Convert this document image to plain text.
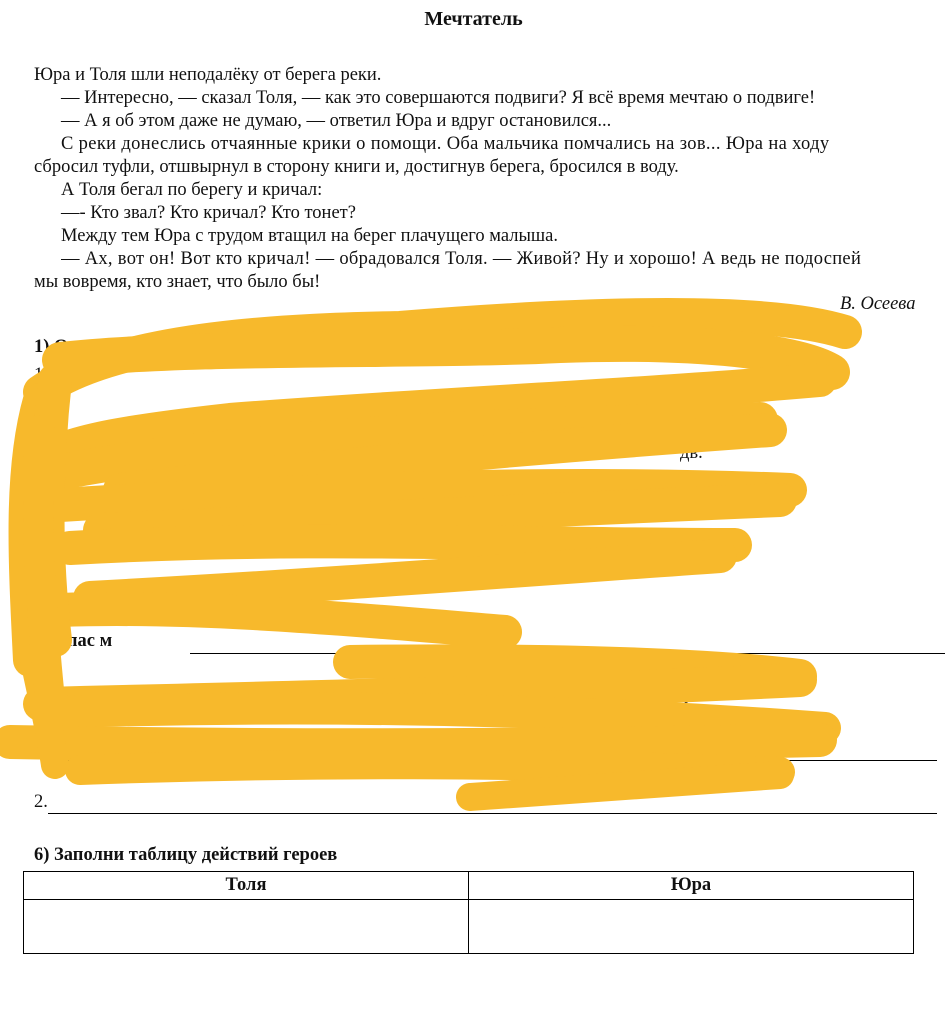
Мечтатель
Юра и Толя шли неподалёку от берега реки.
— Интересно, — сказал Толя, — как это совершаются подвиги? Я всё время мечтаю о подвиге!
— А я об этом даже не думаю, — ответил Юра и вдруг остановился...
С реки донеслись отчаянные крики о помощи. Оба мальчика помчались на зов... Юра на ходу
сбросил туфли, отшвырнул в сторону книги и, достигнув берега, бросился в воду.
А Толя бегал по берегу и кричал:
—- Кто звал? Кто кричал? Кто тонет?
Между тем Юра с трудом втащил на берег плачущего малыша.
— Ах, вот он! Вот кто кричал! — обрадовался Толя. — Живой? Ну и хорошо! А ведь не подоспей
мы вовремя, кто знает, что было бы!
В. Осеева
1) О	твах человека	е рк	2) О чем мечтал Толя?
1) т
дрко
дв.
) о спас м
5)	льзуй слова
1.
2.
6) Заполни таблицу действий героев
Толя	Юра
